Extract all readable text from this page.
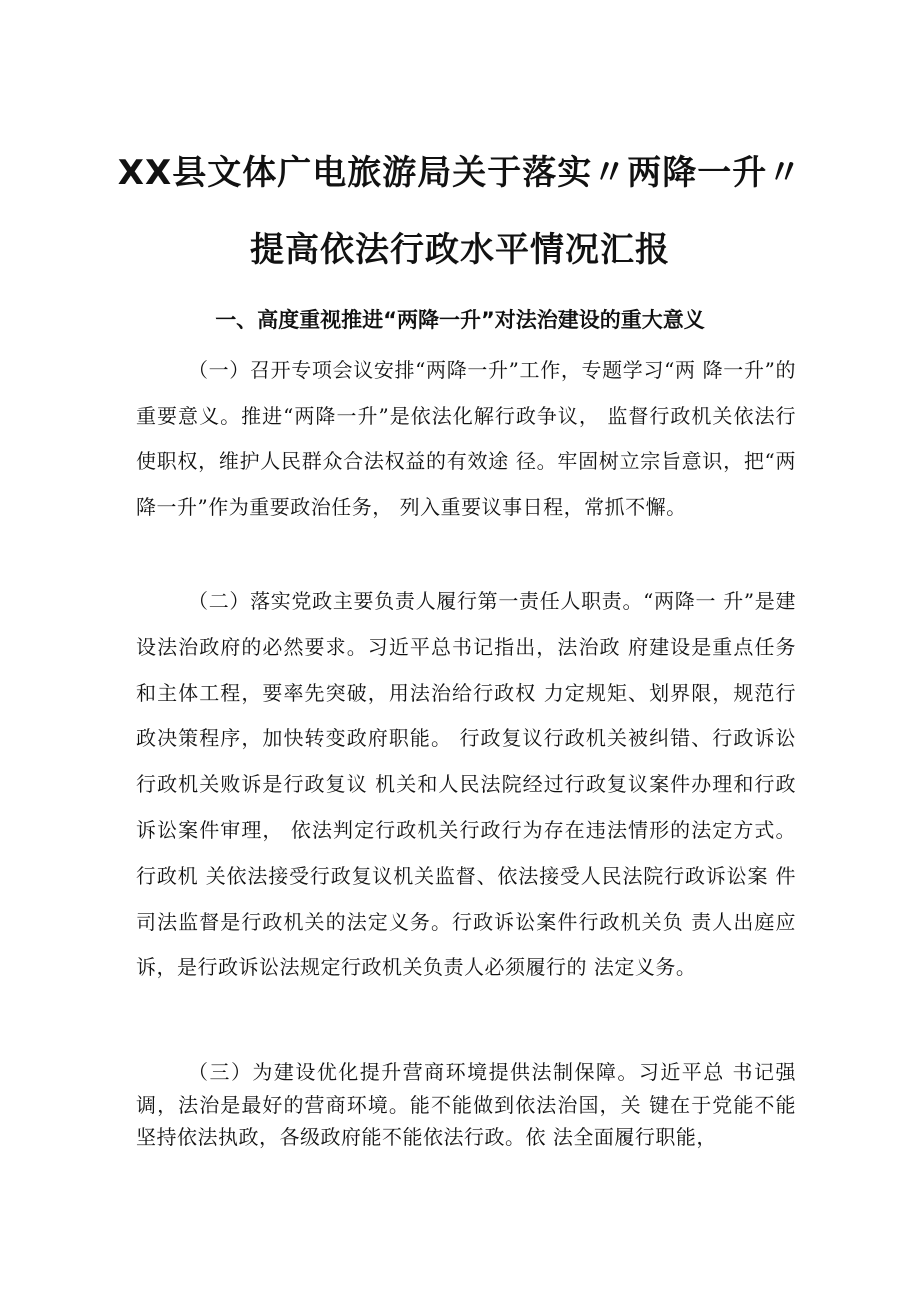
XX县文体广电旅游局关于落实〃两降一升〃
提高依法行政水平情况汇报
一、高度重视推进“两降一升”对法治建设的重大意义

（一）召开专项会议安排“两降一升”工作，专题学习“两 降一升”的重要意义。推进“两降一升”是依法化解行政争议， 监督行政机关依法行使职权，维护人民群众合法权益的有效途 径。牢固树立宗旨意识，把“两降一升”作为重要政治任务， 列入重要议事日程，常抓不懈。

（二）落实党政主要负责人履行第一责任人职责。“两降一 升”是建设法治政府的必然要求。习近平总书记指出，法治政 府建设是重点任务和主体工程，要率先突破，用法治给行政权 力定规矩、划界限，规范行政决策程序，加快转变政府职能。 行政复议行政机关被纠错、行政诉讼行政机关败诉是行政复议 机关和人民法院经过行政复议案件办理和行政诉讼案件审理， 依法判定行政机关行政行为存在违法情形的法定方式。行政机 关依法接受行政复议机关监督、依法接受人民法院行政诉讼案 件司法监督是行政机关的法定义务。行政诉讼案件行政机关负 责人出庭应诉，是行政诉讼法规定行政机关负责人必须履行的 法定义务。

（三）为建设优化提升营商环境提供法制保障。习近平总 书记强调，法治是最好的营商环境。能不能做到依法治国，关 键在于党能不能坚持依法执政，各级政府能不能依法行政。依 法全面履行职能，
